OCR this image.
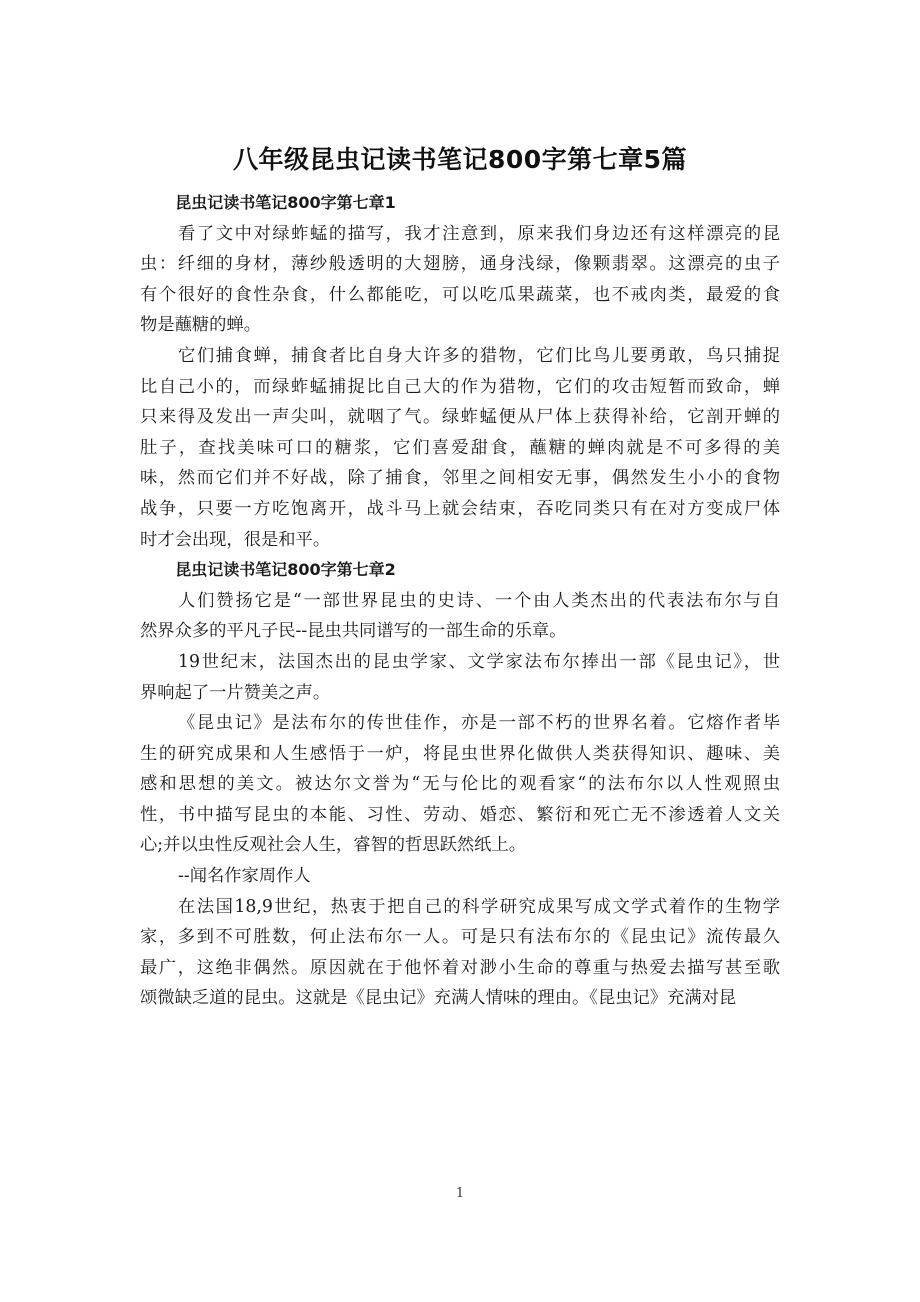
八年级昆虫记读书笔记800字第七章5篇

昆虫记读书笔记800字第七章1

看了文中对绿蚱蜢的描写，我才注意到，原来我们身边还有这样漂亮的昆
虫：纤细的身材，薄纱般透明的大翅膀，通身浅绿，像颗翡翠。这漂亮的虫子
有个很好的食性杂食，什么都能吃，可以吃瓜果蔬菜，也不戒肉类，最爱的食
物是蘸糖的蝉。

它们捕食蝉，捕食者比自身大许多的猎物，它们比鸟儿要勇敢，鸟只捕捉
比自己小的，而绿蚱蜢捕捉比自己大的作为猎物，它们的攻击短暂而致命，蝉
只来得及发出一声尖叫，就咽了气。绿蚱蜢便从尸体上获得补给，它剖开蝉的
肚子，查找美味可口的糖浆，它们喜爱甜食，蘸糖的蝉肉就是不可多得的美
味，然而它们并不好战，除了捕食，邻里之间相安无事，偶然发生小小的食物
战争，只要一方吃饱离开，战斗马上就会结束，吞吃同类只有在对方变成尸体
时才会出现，很是和平。

昆虫记读书笔记800字第七章2

人们赞扬它是“一部世界昆虫的史诗、一个由人类杰出的代表法布尔与自
然界众多的平凡子民--昆虫共同谱写的一部生命的乐章。

19世纪末，法国杰出的昆虫学家、文学家法布尔捧出一部《昆虫记》，世
界响起了一片赞美之声。

《昆虫记》是法布尔的传世佳作，亦是一部不朽的世界名着。它熔作者毕
生的研究成果和人生感悟于一炉，将昆虫世界化做供人类获得知识、趣味、美
感和思想的美文。被达尔文誉为“无与伦比的观看家“的法布尔以人性观照虫
性，书中描写昆虫的本能、习性、劳动、婚恋、繁衍和死亡无不渗透着人文关
心;并以虫性反观社会人生，睿智的哲思跃然纸上。

--闻名作家周作人

在法国18,9世纪，热衷于把自己的科学研究成果写成文学式着作的生物学
家，多到不可胜数，何止法布尔一人。可是只有法布尔的《昆虫记》流传最久
最广，这绝非偶然。原因就在于他怀着对渺小生命的尊重与热爱去描写甚至歌
颂微缺乏道的昆虫。这就是《昆虫记》充满人情味的理由。《昆虫记》充满对昆

1
